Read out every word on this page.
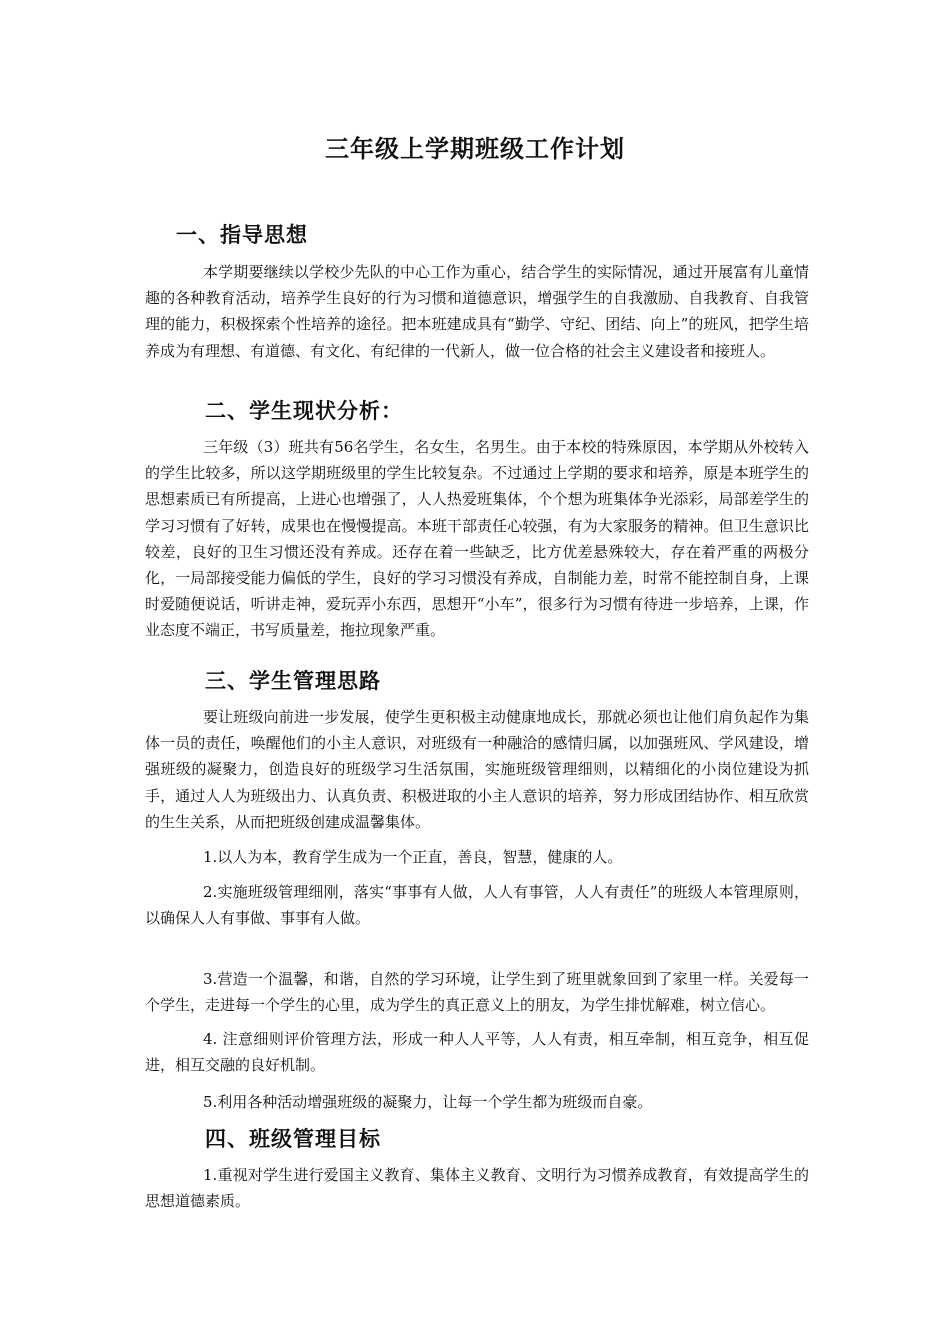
三年级上学期班级工作计划
一、指导思想

本学期要继续以学校少先队的中心工作为重心，结合学生的实际情况，通过开展富有儿童情趣的各种教育活动，培养学生良好的行为习惯和道德意识，增强学生的自我激励、自我教育、自我管理的能力，积极探索个性培养的途径。把本班建成具有“勤学、守纪、团结、向上”的班风，把学生培养成为有理想、有道德、有文化、有纪律的一代新人，做一位合格的社会主义建设者和接班人。

二、学生现状分析：

三年级（3）班共有56名学生，名女生，名男生。由于本校的特殊原因，本学期从外校转入的学生比较多，所以这学期班级里的学生比较复杂。不过通过上学期的要求和培养，原是本班学生的思想素质已有所提高，上进心也增强了，人人热爱班集体，个个想为班集体争光添彩，局部差学生的学习习惯有了好转，成果也在慢慢提高。本班干部责任心较强，有为大家服务的精神。但卫生意识比较差，良好的卫生习惯还没有养成。还存在着一些缺乏，比方优差悬殊较大，存在着严重的两极分化，一局部接受能力偏低的学生，良好的学习习惯没有养成，自制能力差，时常不能控制自身，上课时爱随便说话，听讲走神，爱玩弄小东西，思想开“小车”，很多行为习惯有待进一步培养，上课，作业态度不端正，书写质量差，拖拉现象严重。

三、学生管理思路

要让班级向前进一步发展，使学生更积极主动健康地成长，那就必须也让他们肩负起作为集体一员的责任，唤醒他们的小主人意识，对班级有一种融洽的感情归属，以加强班风、学风建设，增强班级的凝聚力，创造良好的班级学习生活氛围，实施班级管理细则，以精细化的小岗位建设为抓手，通过人人为班级出力、认真负责、积极进取的小主人意识的培养，努力形成团结协作、相互欣赏的生生关系，从而把班级创建成温馨集体。

1.以人为本，教育学生成为一个正直，善良，智慧，健康的人。

2.实施班级管理细刚，落实“事事有人做，人人有事管，人人有责任”的班级人本管理原则，以确保人人有事做、事事有人做。

3.营造一个温馨，和谐，自然的学习环境，让学生到了班里就象回到了家里一样。关爱每一个学生，走进每一个学生的心里，成为学生的真正意义上的朋友，为学生排忧解难，树立信心。

4. 注意细则评价管理方法，形成一种人人平等，人人有责，相互牵制，相互竞争，相互促进，相互交融的良好机制。

5.利用各种活动增强班级的凝聚力，让每一个学生都为班级而自豪。

四、班级管理目标

1.重视对学生进行爱国主义教育、集体主义教育、文明行为习惯养成教育，有效提高学生的思想道德素质。
